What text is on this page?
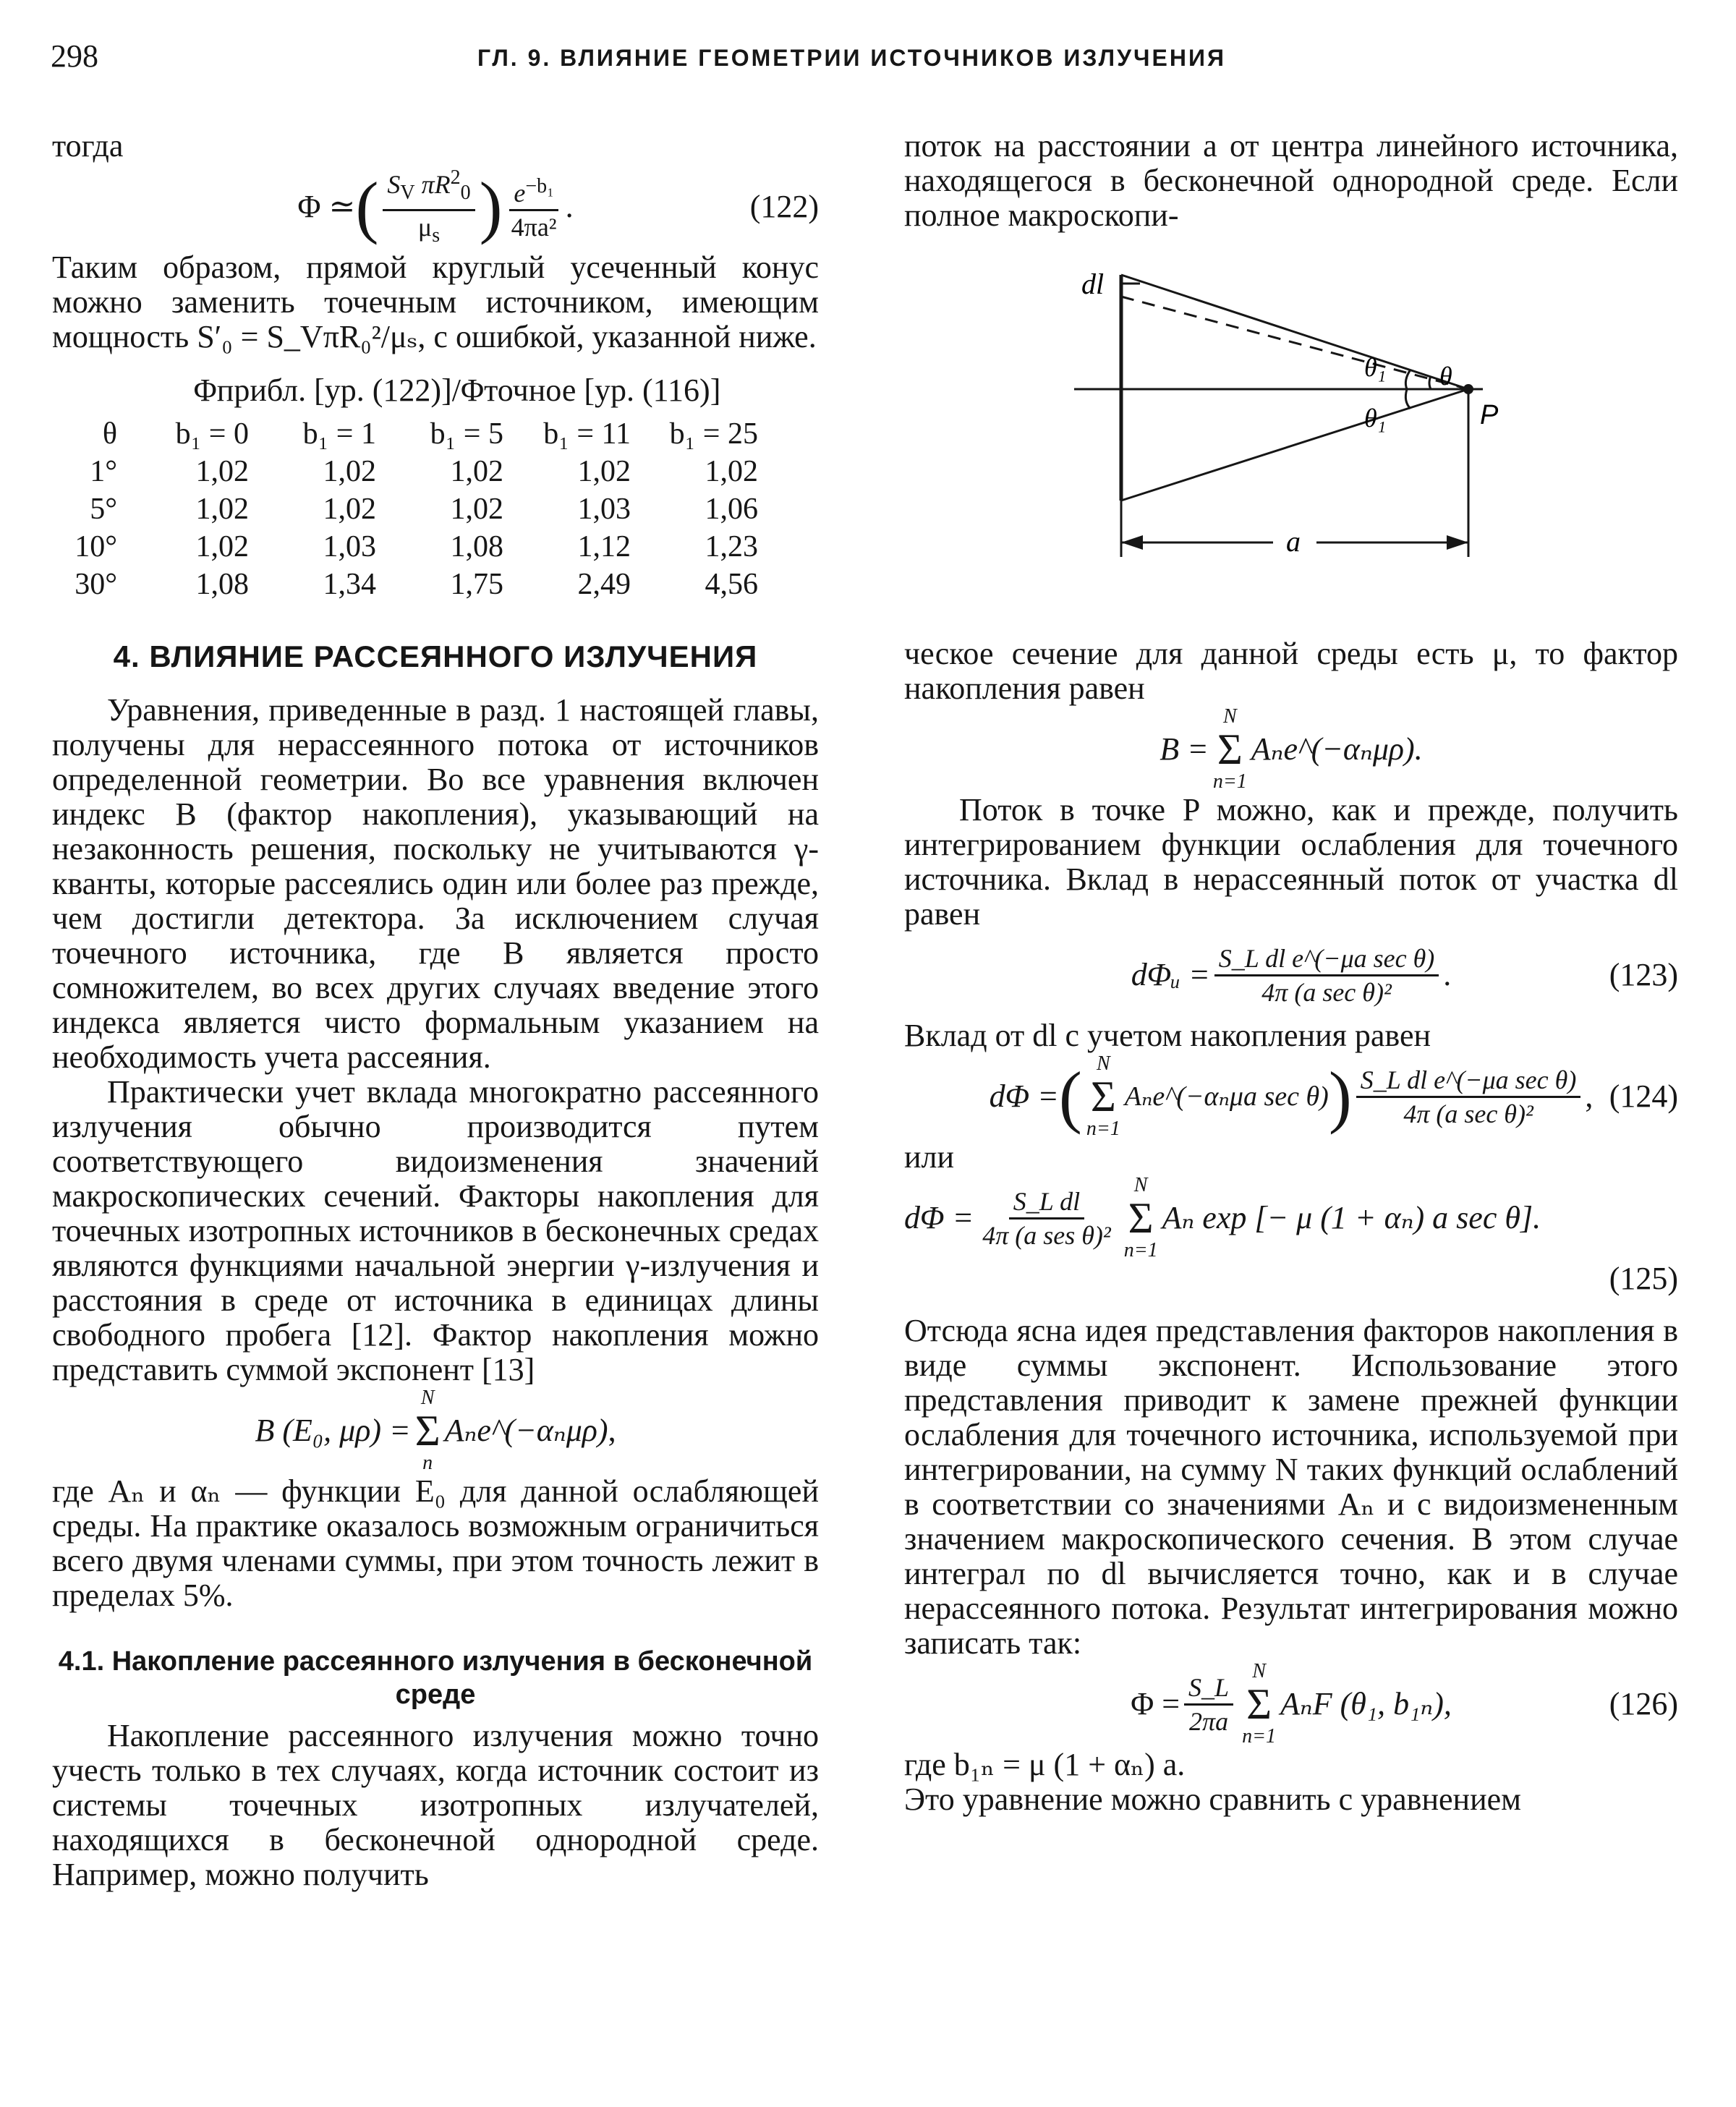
298	ГЛ. 9. ВЛИЯНИЕ ГЕОМЕТРИИ ИСТОЧНИКОВ ИЗЛУЧЕНИЯ

тогда

Φ ≃ ( $\frac{S_V \pi R^2_0}{\mu_s}$ ) $\frac{e^{-b_1}}{\text{4πa²}}$ .	(122)

Таким образом, прямой круглый усеченный конус можно заменить точечным источником, имеющим мощность S′₀ = S_VπR₀²/μₛ, с ошибкой, указанной ниже.

Φприбл. [ур. (122)]/Φточное [ур. (116)]
θ	b₁ = 0	b₁ = 1	b₁ = 5	b₁ = 11	b₁ = 25
1°	1,02	1,02	1,02	1,02	1,02
5°	1,02	1,02	1,02	1,03	1,06
10°	1,02	1,03	1,08	1,12	1,23
30°	1,08	1,34	1,75	2,49	4,56
4. ВЛИЯНИЕ РАССЕЯННОГО ИЗЛУЧЕНИЯ

Уравнения, приведенные в разд. 1 настоящей главы, получены для нерассеянного потока от источников определенной геометрии. Во все уравнения включен индекс B (фактор накопления), указывающий на незаконность решения, поскольку не учитываются γ-кванты, которые рассеялись один или более раз прежде, чем достигли детектора. За исключением случая точечного источника, где B является просто сомножителем, во всех других случаях введение этого индекса является чисто формальным указанием на необходимость учета рассеяния.

Практически учет вклада многократно рассеянного излучения обычно производится путем соответствующего видоизменения значений макроскопических сечений. Факторы накопления для точечных изотропных источников в бесконечных средах являются функциями начальной энергии γ-излучения и расстояния в среде от источника в единицах длины свободного пробега [12]. Фактор накопления можно представить суммой экспонент [13]

B (E₀, μρ) =
N
Σ
n
Aₙe^(−αₙμρ) ,

где Aₙ и αₙ — функции E₀ для данной ослабляющей среды. На практике оказалось возможным ограничиться всего двумя членами суммы, при этом точность лежит в пределах 5%.

4.1. Накопление рассеянного излучения в бесконечной среде

Накопление рассеянного излучения можно точно учесть только в тех случаях, когда источник состоит из системы точечных изотропных излучателей, находящихся в бесконечной однородной среде. Например, можно получить

поток на расстоянии a от центра линейного источника, находящегося в бесконечной однородной среде. Если полное макроскопи-

dl
θ₁ θ
θ₁	P
a

ческое сечение для данной среды есть μ, то фактор накопления равен

B =
N
Σ
n=1
Aₙe^(−αₙμρ).

Поток в точке P можно, как и прежде, получить интегрированием функции ослабления для точечного источника. Вклад в нерассеянный поток от участка dl равен

dΦᵤ = $\frac{\text{S\_L dl e\textasciicircum{}(−μa sec θ)}}{\text{4π (a sec θ)²}}$ .	(123)

Вклад от dl с учетом накопления равен

dΦ = ( N
Σ
n=1
Aₙe^(−αₙμa sec θ) ) $\frac{\text{S\_L dl e\textasciicircum{}(−μa sec θ)}}{\text{4π (a sec θ)²}}$ , (124)

или

$d\Phi = \frac{\text{S\_L dl}}{\text{4π (a ses θ)²}}$ N
Σ
n=1
Aₙ exp [− μ (1 + αₙ) a sec θ].
(125)

Отсюда ясна идея представления факторов накопления в виде суммы экспонент. Использование этого представления приводит к замене прежней функции ослабления для точечного источника, используемой при интегрировании, на сумму N таких функций ослаблений в соответствии со значениями Aₙ и с видоизмененным значением макроскопического сечения. В этом случае интеграл по dl вычисляется точно, как и в случае нерассеянного потока. Результат интегрирования можно записать так:

$\Phi = \frac{S\_L}{2\pi a}$ N
Σ
n=1
AₙF (θ₁, b₁ₙ),	(126)

где b₁ₙ = μ (1 + αₙ) a.

Это уравнение можно сравнить с уравнением
